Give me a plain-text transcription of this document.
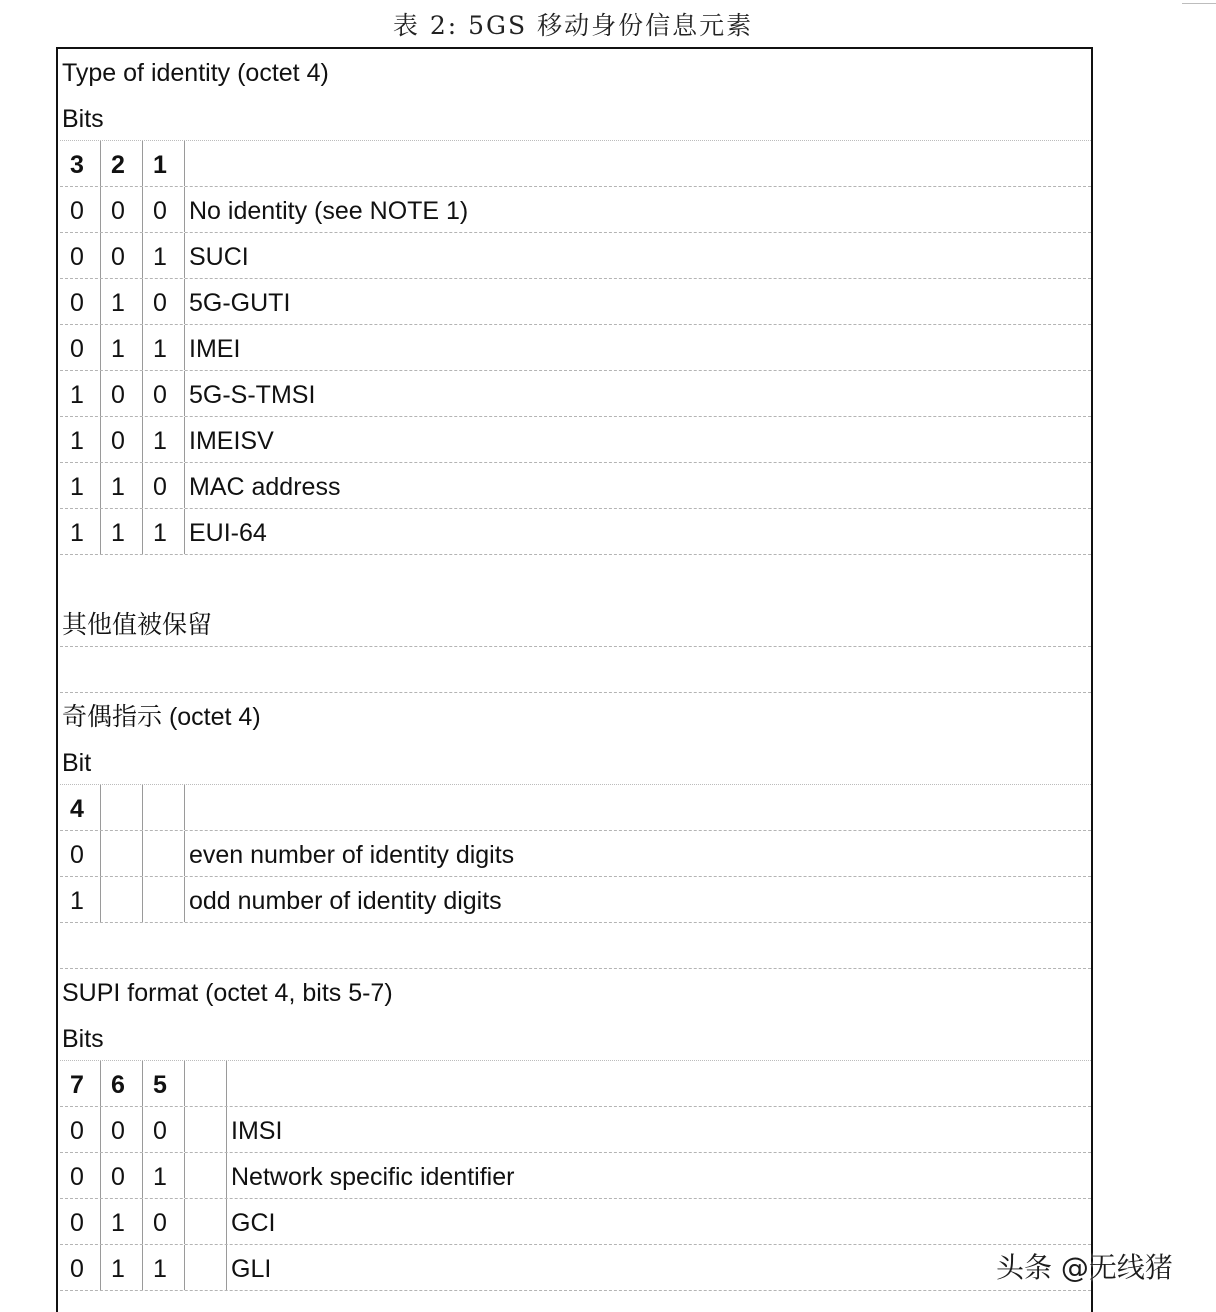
表 2: 5GS 移动身份信息元素
Type of identity (octet 4)
Bits
3 2 1
0 0 0 No identity (see NOTE 1)
0 0 1 SUCI
0 1 0 5G-GUTI
0 1 1 IMEI
1 0 0 5G-S-TMSI
1 0 1 IMEISV
1 1 0 MAC address
1 1 1 EUI-64
其他值被保留
奇偶指示 (octet 4)
Bit
4
0	even number of identity digits
1	odd number of identity digits
SUPI format (octet 4, bits 5-7)
Bits
7 6 5
0 0 0	IMSI
0 0 1	Network specific identifier
0 1 0	GCI
0 1 1	GLI	头条 @无线猪
